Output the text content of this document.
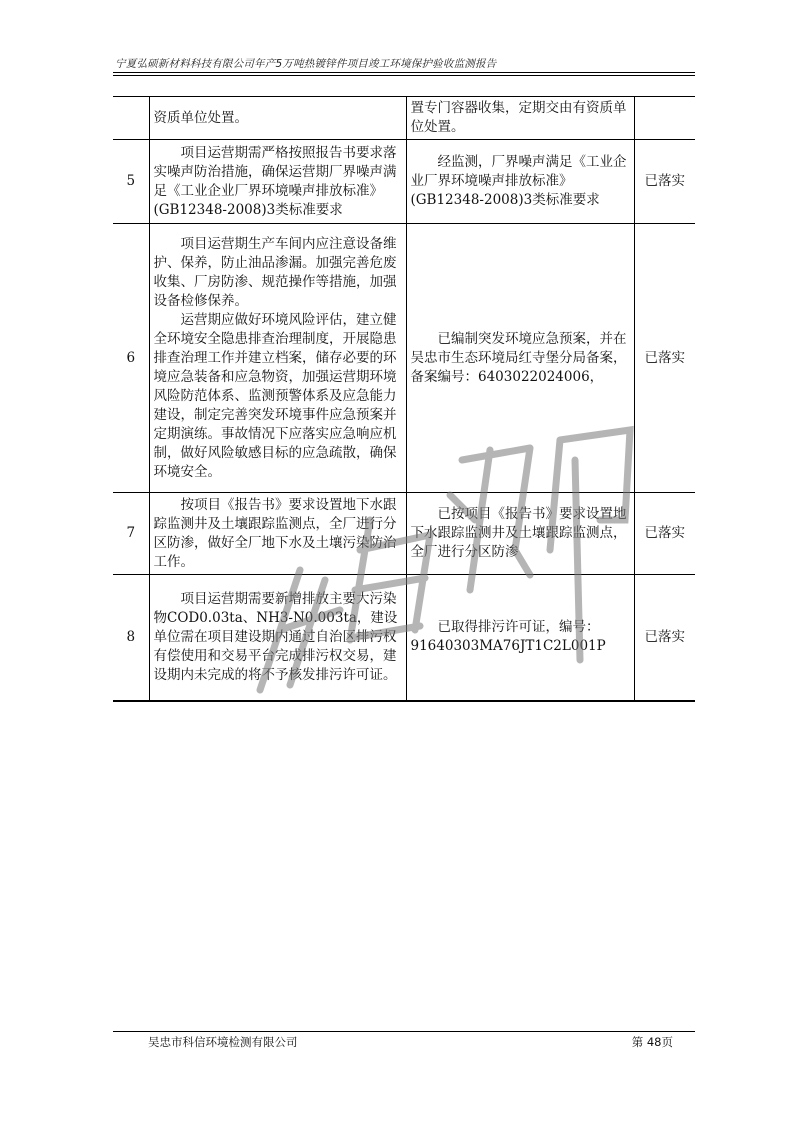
宁夏弘硕新材料科技有限公司年产5万吨热镀锌件项目竣工环境保护验收监测报告

	资质单位处置。	置专门容器收集，定期交由有资质单位处置。	

5	项目运营期需严格按照报告书要求落实噪声防治措施，确保运营期厂界噪声满足《工业企业厂界环境噪声排放标准》(GB12348-2008)3类标准要求	经监测，厂界噪声满足《工业企业厂界环境噪声排放标准》(GB12348-2008)3类标准要求	已落实
6	项目运营期生产车间内应注意设备维护、保养，防止油品渗漏。加强完善危废收集、厂房防渗、规范操作等措施，加强设备检修保养。

运营期应做好环境风险评估，建立健全环境安全隐患排查治理制度，开展隐患排查治理工作并建立档案，储存必要的环境应急装备和应急物资，加强运营期环境风险防范体系、监测预警体系及应急能力建设，制定完善突发环境事件应急预案并定期演练。事故情况下应落实应急响应机制，做好风险敏感目标的应急疏散，确保环境安全。	已编制突发环境应急预案，并在吴忠市生态环境局红寺堡分局备案，备案编号：6403022024006，	已落实
7	按项目《报告书》要求设置地下水跟踪监测井及土壤跟踪监测点，全厂进行分区防渗，做好全厂地下水及土壤污染防治工作。	已按项目《报告书》要求设置地下水跟踪监测井及土壤跟踪监测点，全厂进行分区防渗	已落实
8	项目运营期需要新增排放主要大污染物COD0.03ta、NH3-N0.003ta，建设单位需在项目建设期内通过自治区排污权有偿使用和交易平台完成排污权交易，建设期内未完成的将不予核发排污许可证。	已取得排污许可证，编号：91640303MA76JT1C2L001P	已落实
吴忠市科信环境检测有限公司	第 48页
